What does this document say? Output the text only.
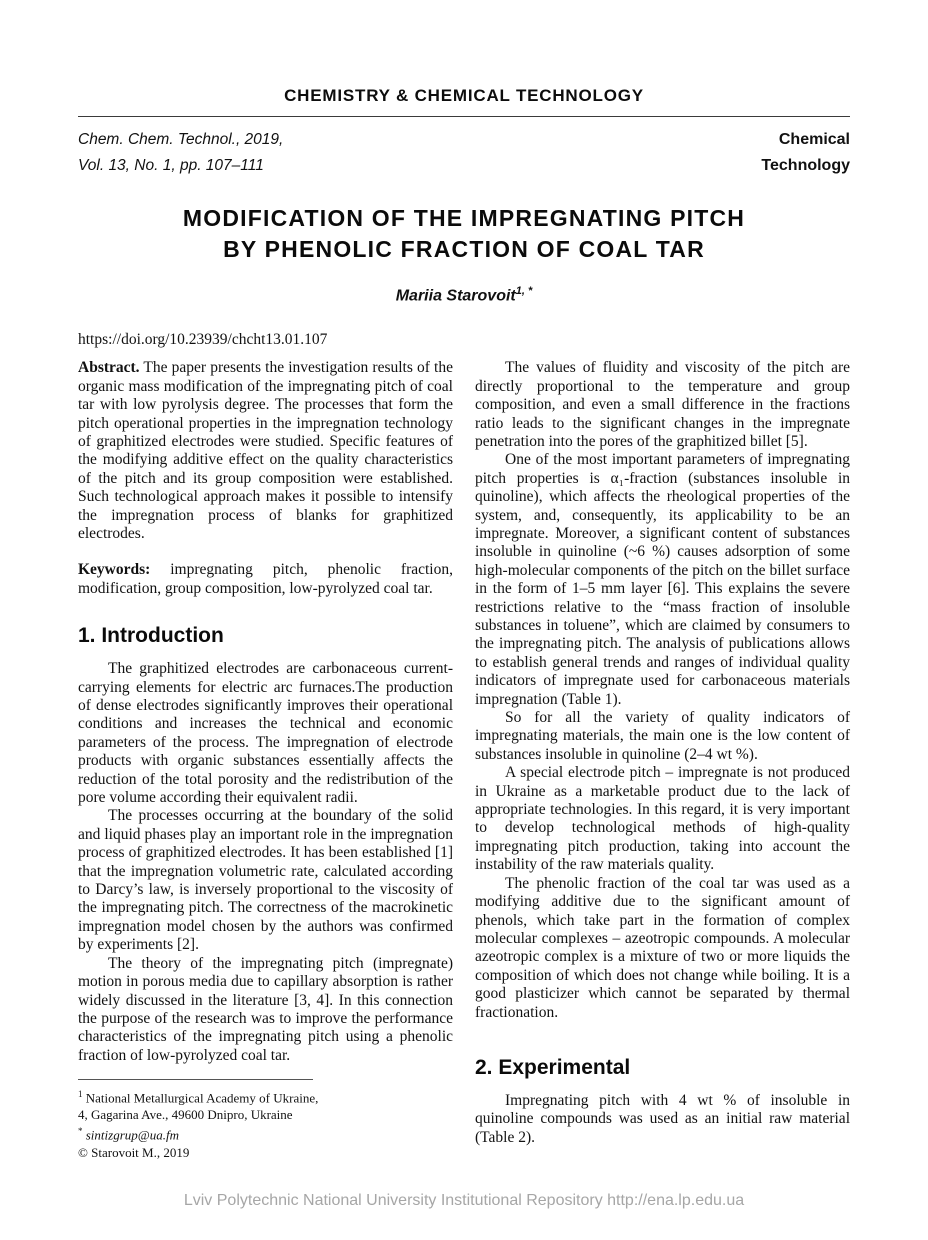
CHEMISTRY & CHEMICAL TECHNOLOGY
Chem. Chem. Technol., 2019,
Vol. 13, No. 1, pp. 107–111
Chemical
Technology
MODIFICATION OF THE IMPREGNATING PITCH
BY PHENOLIC FRACTION OF COAL TAR
Mariia Starovoit$^{1, *}$

https://doi.org/10.23939/chcht13.01.107

Abstract. The paper presents the investigation results of the organic mass modification of the impregnating pitch of coal tar with low pyrolysis degree. The processes that form the pitch operational properties in the impregnation technology of graphitized electrodes were studied. Specific features of the modifying additive effect on the quality characteristics of the pitch and its group composition were established. Such technological approach makes it possible to intensify the impregnation process of blanks for graphitized electrodes.

Keywords: impregnating pitch, phenolic fraction, modification, group composition, low-pyrolyzed coal tar.

1. Introduction

The graphitized electrodes are carbonaceous current-carrying elements for electric arc furnaces.The production of dense electrodes significantly improves their operational conditions and increases the technical and economic parameters of the process. The impregnation of electrode products with organic substances essentially affects the reduction of the total porosity and the redistribution of the pore volume according their equivalent radii.

The processes occurring at the boundary of the solid and liquid phases play an important role in the impregnation process of graphitized electrodes. It has been established [1] that the impregnation volumetric rate, calculated according to Darcy’s law, is inversely proportional to the viscosity of the impregnating pitch. The correctness of the macrokinetic impregnation model chosen by the authors was confirmed by experiments [2].

The theory of the impregnating pitch (impregnate) motion in porous media due to capillary absorption is rather widely discussed in the literature [3, 4]. In this connection the purpose of the research was to improve the performance characteristics of the impregnating pitch using a phenolic fraction of low-pyrolyzed coal tar.

$^1$ National Metallurgical Academy of Ukraine,
4, Gagarina Ave., 49600 Dnipro, Ukraine
* sintizgrup@ua.fm
© Starovoit M., 2019

The values of fluidity and viscosity of the pitch are directly proportional to the temperature and group composition, and even a small difference in the fractions ratio leads to the significant changes in the impregnate penetration into the pores of the graphitized billet [5].

One of the most important parameters of impregnating pitch properties is α₁-fraction (substances insoluble in quinoline), which affects the rheological properties of the system, and, consequently, its applicability to be an impregnate. Moreover, a significant content of substances insoluble in quinoline (~6 %) causes adsorption of some high-molecular components of the pitch on the billet surface in the form of 1–5 mm layer [6]. This explains the severe restrictions relative to the “mass fraction of insoluble substances in toluene”, which are claimed by consumers to the impregnating pitch. The analysis of publications allows to establish general trends and ranges of individual quality indicators of impregnate used for carbonaceous materials impregnation (Table 1).

So for all the variety of quality indicators of impregnating materials, the main one is the low content of substances insoluble in quinoline (2–4 wt %).

A special electrode pitch – impregnate is not produced in Ukraine as a marketable product due to the lack of appropriate technologies. In this regard, it is very important to develop technological methods of high-quality impregnating pitch production, taking into account the instability of the raw materials quality.

The phenolic fraction of the coal tar was used as a modifying additive due to the significant amount of phenols, which take part in the formation of complex molecular complexes – azeotropic compounds. A molecular azeotropic complex is a mixture of two or more liquids the composition of which does not change while boiling. It is a good plasticizer which cannot be separated by thermal fractionation.

2. Experimental

Impregnating pitch with 4 wt % of insoluble in quinoline compounds was used as an initial raw material (Table 2).

Lviv Polytechnic National University Institutional Repository http://ena.lp.edu.ua
